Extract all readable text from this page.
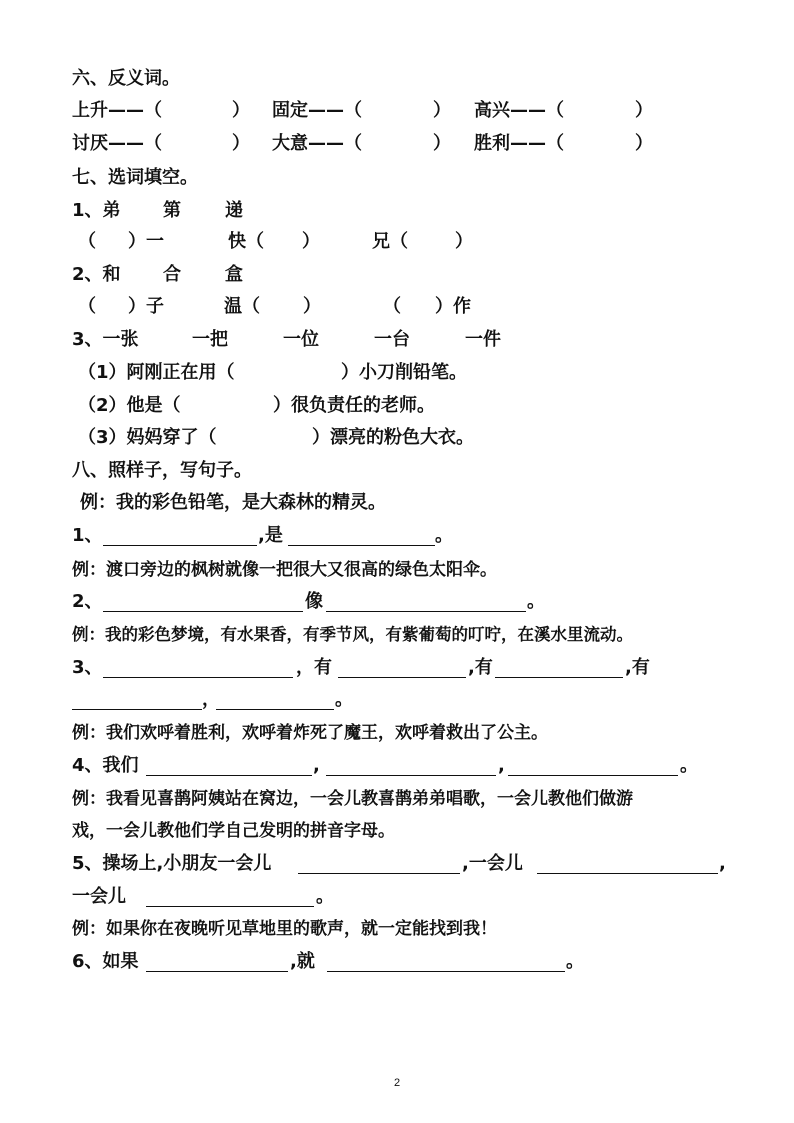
六、反义词。
上升——（	） 固定——（	） 高兴——（	）
讨厌——（	） 大意——（	） 胜利——（	）
七、选词填空。
1、弟 第 递
（ ）一	快（ ）	兄（	）
2、和 合 盒
（ ）子	温（ ）	（ ）作
3、一张	一把	一位	一台	一件
（1）阿刚正在用（	）小刀削铅笔。
（2）他是（	）很负责任的老师。
（3）妈妈穿了（	）漂亮的粉色大衣。
八、照样子，写句子。
例：我的彩色铅笔，是大森林的精灵。
1、	,是	。
例：渡口旁边的枫树就像一把很大又很高的绿色太阳伞。
2、	像	。
例：我的彩色梦境，有水果香，有季节风，有紫葡萄的叮咛，在溪水里流动。
3、	，有	,有	,有
，	。
例：我们欢呼着胜利，欢呼着炸死了魔王，欢呼着救出了公主。
4、我们	,	,	。
例：我看见喜鹊阿姨站在窝边，一会儿教喜鹊弟弟唱歌，一会儿教他们做游
戏，一会儿教他们学自己发明的拼音字母。
5、操场上,小朋友一会儿	,一会儿	,
一会儿	。
例：如果你在夜晚听见草地里的歌声，就一定能找到我！
6、如果	,就	。
2
